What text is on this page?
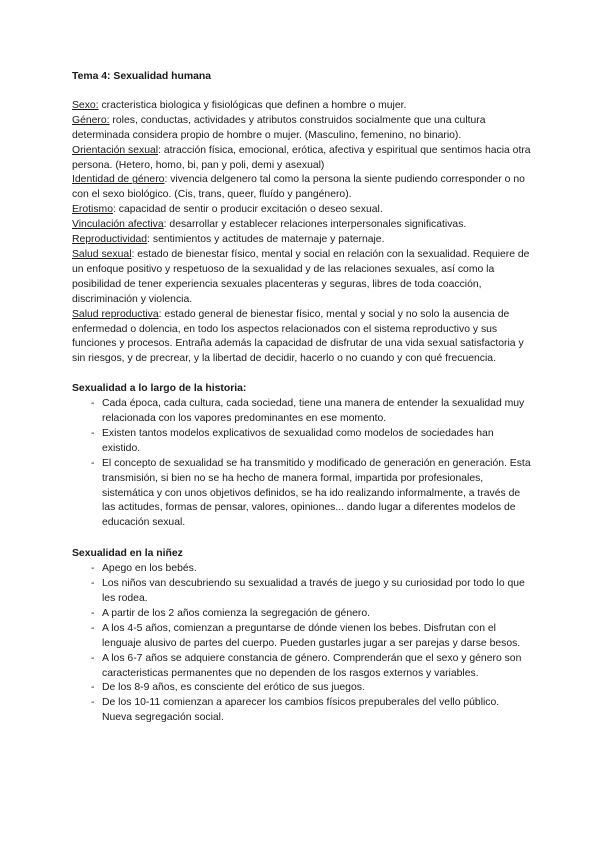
Tema 4: Sexualidad humana

Sexo: cracteristica biologica y fisiológicas que definen a hombre o mujer.

Género: roles, conductas, actividades y atributos construidos socialmente que una cultura determinada considera propio de hombre o mujer. (Masculino, femenino, no binario).

Orientación sexual: atracción física, emocional, erótica, afectiva y espiritual que sentimos hacia otra persona. (Hetero, homo, bi, pan y poli, demi y asexual)

Identidad de género: vivencia delgenero tal como la persona la siente pudiendo corresponder o no con el sexo biológico. (Cis, trans, queer, fluído y pangénero).

Erotismo: capacidad de sentir o producir excitación o deseo sexual.

Vinculación afectiva: desarrollar y establecer relaciones interpersonales significativas.

Reproductividad: sentimientos y actitudes de maternaje y paternaje.

Salud sexual: estado de bienestar físico, mental y social en relación con la sexualidad. Requiere de un enfoque positivo y respetuoso de la sexualidad y de las relaciones sexuales, así como la posibilidad de tener experiencia sexuales placenteras y seguras, libres de toda coacción, discriminación y violencia.

Salud reproductiva: estado general de bienestar físico, mental y social y no solo la ausencia de enfermedad o dolencia, en todo los aspectos relacionados con el sistema reproductivo y sus funciones y procesos. Entraña además la capacidad de disfrutar de una vida sexual satisfactoria y sin riesgos, y de precrear, y la libertad de decidir, hacerlo o no cuando y con qué frecuencia.

Sexualidad a lo largo de la historia:

- Cada época, cada cultura, cada sociedad, tiene una manera de entender la sexualidad muy relacionada con los vapores predominantes en ese momento.
- Existen tantos modelos explicativos de sexualidad como modelos de sociedades han existido.
- El concepto de sexualidad se ha transmitido y modificado de generación en generación. Esta transmisión, si bien no se ha hecho de manera formal, impartida por profesionales, sistemática y con unos objetivos definidos, se ha ido realizando informalmente, a través de las actitudes, formas de pensar, valores, opiniones... dando lugar a diferentes modelos de educación sexual.

Sexualidad en la niñez

- Apego en los bebés.
- Los niños van descubriendo su sexualidad a través de juego y su curiosidad por todo lo que les rodea.
- A partir de los 2 años comienza la segregación de género.
- A los 4-5 años, comienzan a preguntarse de dónde vienen los bebes. Disfrutan con el lenguaje alusivo de partes del cuerpo. Pueden gustarles jugar a ser parejas y darse besos.
- A los 6-7 años se adquiere constancia de género. Comprenderán que el sexo y género son caracteristicas permanentes que no dependen de los rasgos externos y variables.
- De los 8-9 años, es consciente del erótico de sus juegos.
- De los 10-11 comienzan a aparecer los cambios físicos prepuberales del vello público. Nueva segregación social.
